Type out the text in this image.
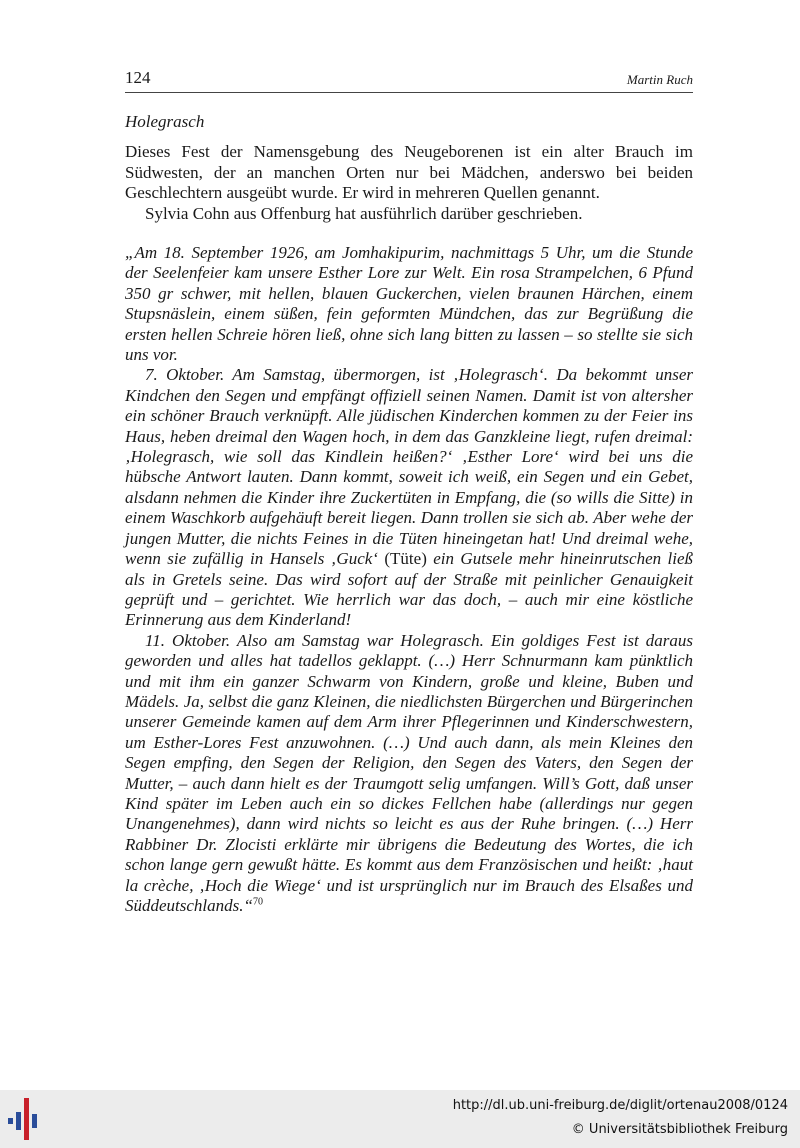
124	Martin Ruch
Holegrasch

Dieses Fest der Namensgebung des Neugeborenen ist ein alter Brauch im Südwesten, der an manchen Orten nur bei Mädchen, anderswo bei beiden Geschlechtern ausgeübt wurde. Er wird in mehreren Quellen genannt.

Sylvia Cohn aus Offenburg hat ausführlich darüber geschrieben.

„Am 18. September 1926, am Jomhakipurim, nachmittags 5 Uhr, um die Stunde der Seelenfeier kam unsere Esther Lore zur Welt. Ein rosa Strampelchen, 6 Pfund 350 gr schwer, mit hellen, blauen Guckerchen, vielen braunen Härchen, einem Stupsnäslein, einem süßen, fein geformten Mündchen, das zur Begrüßung die ersten hellen Schreie hören ließ, ohne sich lang bitten zu lassen – so stellte sie sich uns vor.

7. Oktober. Am Samstag, übermorgen, ist ‚Holegrasch‘. Da bekommt unser Kindchen den Segen und empfängt offiziell seinen Namen. Damit ist von altersher ein schöner Brauch verknüpft. Alle jüdischen Kinderchen kommen zu der Feier ins Haus, heben dreimal den Wagen hoch, in dem das Ganzkleine liegt, rufen dreimal: ‚Holegrasch, wie soll das Kindlein heißen?‘ ‚Esther Lore‘ wird bei uns die hübsche Antwort lauten. Dann kommt, soweit ich weiß, ein Segen und ein Gebet, alsdann nehmen die Kinder ihre Zuckertüten in Empfang, die (so wills die Sitte) in einem Waschkorb aufgehäuft bereit liegen. Dann trollen sie sich ab. Aber wehe der jungen Mutter, die nichts Feines in die Tüten hineingetan hat! Und dreimal wehe, wenn sie zufällig in Hansels ‚Guck‘ (Tüte) ein Gutsele mehr hineinrutschen ließ als in Gretels seine. Das wird sofort auf der Straße mit peinlicher Genauigkeit geprüft und – gerichtet. Wie herrlich war das doch, – auch mir eine köstliche Erinnerung aus dem Kinderland!

11. Oktober. Also am Samstag war Holegrasch. Ein goldiges Fest ist daraus geworden und alles hat tadellos geklappt. (…) Herr Schnurmann kam pünktlich und mit ihm ein ganzer Schwarm von Kindern, große und kleine, Buben und Mädels. Ja, selbst die ganz Kleinen, die niedlichsten Bürgerchen und Bürgerinchen unserer Gemeinde kamen auf dem Arm ihrer Pflegerinnen und Kinderschwestern, um Esther-Lores Fest anzuwohnen. (…) Und auch dann, als mein Kleines den Segen empfing, den Segen der Religion, den Segen des Vaters, den Segen der Mutter, – auch dann hielt es der Traumgott selig umfangen. Will’s Gott, daß unser Kind später im Leben auch ein so dickes Fellchen habe (allerdings nur gegen Unangenehmes), dann wird nichts so leicht es aus der Ruhe bringen. (…) Herr Rabbiner Dr. Zlocisti erklärte mir übrigens die Bedeutung des Wortes, die ich schon lange gern gewußt hätte. Es kommt aus dem Französischen und heißt: ‚haut la crèche, ‚Hoch die Wiege‘ und ist ursprünglich nur im Brauch des Elsaßes und Süddeutschlands.“$^{70}$

http://dl.ub.uni-freiburg.de/diglit/ortenau2008/0124
© Universitätsbibliothek Freiburg
